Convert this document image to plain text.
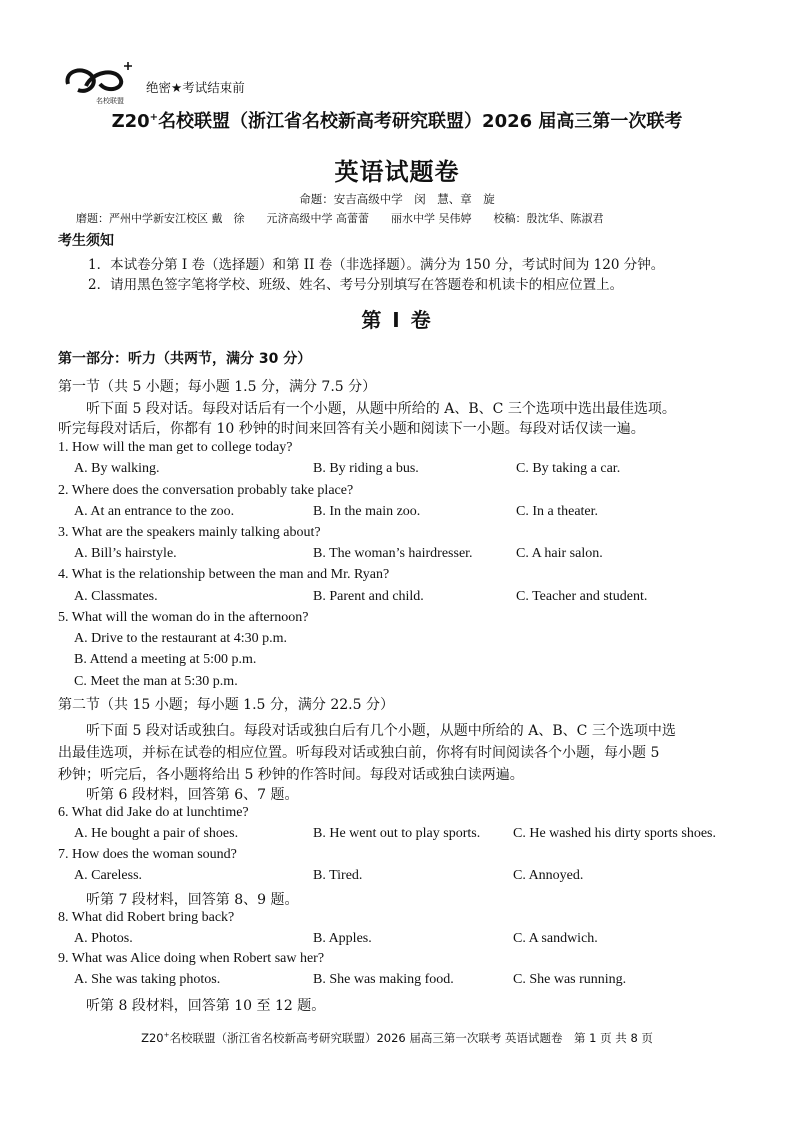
名校联盟
绝密★考试结束前
Z20+名校联盟（浙江省名校新高考研究联盟）2026 届高三第一次联考
英语试题卷
命题：安吉高级中学　闵　慧、章　旋
磨题：严州中学新安江校区 戴　徐　　元济高级中学 高蕾蕾　　丽水中学 吴伟婷　　校稿：殷沈华、陈淑君
考生须知
1．本试卷分第 I 卷（选择题）和第 II 卷（非选择题）。满分为 150 分，考试时间为 120 分钟。
2．请用黑色签字笔将学校、班级、姓名、考号分别填写在答题卷和机读卡的相应位置上。
第 I 卷
第一部分：听力（共两节，满分 30 分）
第一节（共 5 小题；每小题 1.5 分，满分 7.5 分）
听下面 5 段对话。每段对话后有一个小题，从题中所给的 A、B、C 三个选项中选出最佳选项。
听完每段对话后，你都有 10 秒钟的时间来回答有关小题和阅读下一小题。每段对话仅读一遍。
1. How will the man get to college today?
A. By walking.	B. By riding a bus.	C. By taking a car.
2. Where does the conversation probably take place?
A. At an entrance to the zoo.	B. In the main zoo.	C. In a theater.
3. What are the speakers mainly talking about?
A. Bill’s hairstyle.	B. The woman’s hairdresser.	C. A hair salon.
4. What is the relationship between the man and Mr. Ryan?
A. Classmates.	B. Parent and child.	C. Teacher and student.
5. What will the woman do in the afternoon?
A. Drive to the restaurant at 4:30 p.m.
B. Attend a meeting at 5:00 p.m.
C. Meet the man at 5:30 p.m.
第二节（共 15 小题；每小题 1.5 分，满分 22.5 分）
听下面 5 段对话或独白。每段对话或独白后有几个小题，从题中所给的 A、B、C 三个选项中选
出最佳选项，并标在试卷的相应位置。听每段对话或独白前，你将有时间阅读各个小题，每小题 5
秒钟；听完后，各小题将给出 5 秒钟的作答时间。每段对话或独白读两遍。
听第 6 段材料，回答第 6、7 题。
6. What did Jake do at lunchtime?
A. He bought a pair of shoes.	B. He went out to play sports. C. He washed his dirty sports shoes.
7. How does the woman sound?
A. Careless.	B. Tired.	C. Annoyed.
听第 7 段材料，回答第 8、9 题。
8. What did Robert bring back?
A. Photos.	B. Apples.	C. A sandwich.
9. What was Alice doing when Robert saw her?
A. She was taking photos.	B. She was making food.	C. She was running.
听第 8 段材料，回答第 10 至 12 题。
Z20+名校联盟（浙江省名校新高考研究联盟）2026 届高三第一次联考 英语试题卷　第 1 页 共 8 页
